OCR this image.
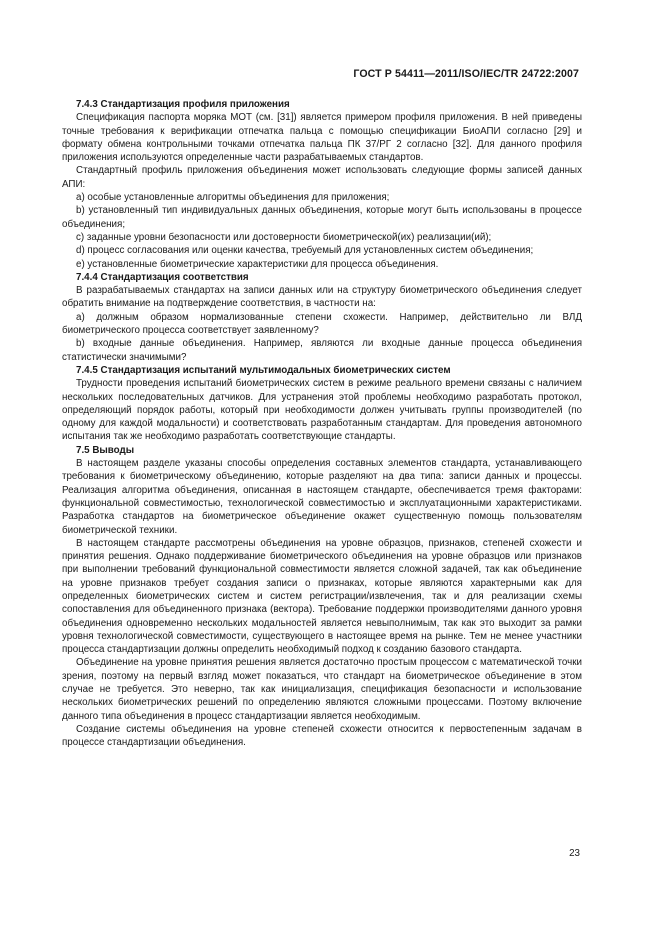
ГОСТ Р 54411—2011/ISO/IEC/TR 24722:2007

7.4.3 Стандартизация профиля приложения

Спецификация паспорта моряка МОТ (см. [31]) является примером профиля приложения. В ней приведены точные требования к верификации отпечатка пальца с помощью спецификации БиоАПИ согласно [29] и формату обмена контрольными точками отпечатка пальца ПК 37/РГ 2 согласно [32]. Для данного профиля приложения используются определенные части разрабатываемых стандартов.

Стандартный профиль приложения объединения может использовать следующие формы записей данных АПИ:

a) особые установленные алгоритмы объединения для приложения;

b) установленный тип индивидуальных данных объединения, которые могут быть использованы в процессе объединения;

c) заданные уровни безопасности или достоверности биометрической(их) реализации(ий);

d) процесс согласования или оценки качества, требуемый для установленных систем объединения;

e) установленные биометрические характеристики для процесса объединения.

7.4.4 Стандартизация соответствия

В разрабатываемых стандартах на записи данных или на структуру биометрического объединения следует обратить внимание на подтверждение соответствия, в частности на:

a) должным образом нормализованные степени схожести. Например, действительно ли ВЛД биометрического процесса соответствует заявленному?

b) входные данные объединения. Например, являются ли входные данные процесса объединения статистически значимыми?

7.4.5 Стандартизация испытаний мультимодальных биометрических систем

Трудности проведения испытаний биометрических систем в режиме реального времени связаны с наличием нескольких последовательных датчиков. Для устранения этой проблемы необходимо разработать протокол, определяющий порядок работы, который при необходимости должен учитывать группы производителей (по одному для каждой модальности) и соответствовать разработанным стандартам. Для проведения автономного испытания так же необходимо разработать соответствующие стандарты.

7.5 Выводы

В настоящем разделе указаны способы определения составных элементов стандарта, устанавливающего требования к биометрическому объединению, которые разделяют на два типа: записи данных и процессы. Реализация алгоритма объединения, описанная в настоящем стандарте, обеспечивается тремя факторами: функциональной совместимостью, технологической совместимостью и эксплуатационными характеристиками. Разработка стандартов на биометрическое объединение окажет существенную помощь пользователям биометрической техники.

В настоящем стандарте рассмотрены объединения на уровне образцов, признаков, степеней схожести и принятия решения. Однако поддерживание биометрического объединения на уровне образцов или признаков при выполнении требований функциональной совместимости является сложной задачей, так как объединение на уровне признаков требует создания записи о признаках, которые являются характерными как для определенных биометрических систем и систем регистрации/извлечения, так и для реализации схемы сопоставления для объединенного признака (вектора). Требование поддержки производителями данного уровня объединения одновременно нескольких модальностей является невыполнимым, так как это выходит за рамки уровня технологической совместимости, существующего в настоящее время на рынке. Тем не менее участники процесса стандартизации должны определить необходимый подход к созданию базового стандарта.

Объединение на уровне принятия решения является достаточно простым процессом с математической точки зрения, поэтому на первый взгляд может показаться, что стандарт на биометрическое объединение в этом случае не требуется. Это неверно, так как инициализация, спецификация безопасности и использование нескольких биометрических решений по определению являются сложными процессами. Поэтому включение данного типа объединения в процесс стандартизации является необходимым.

Создание системы объединения на уровне степеней схожести относится к первостепенным задачам в процессе стандартизации объединения.

23
